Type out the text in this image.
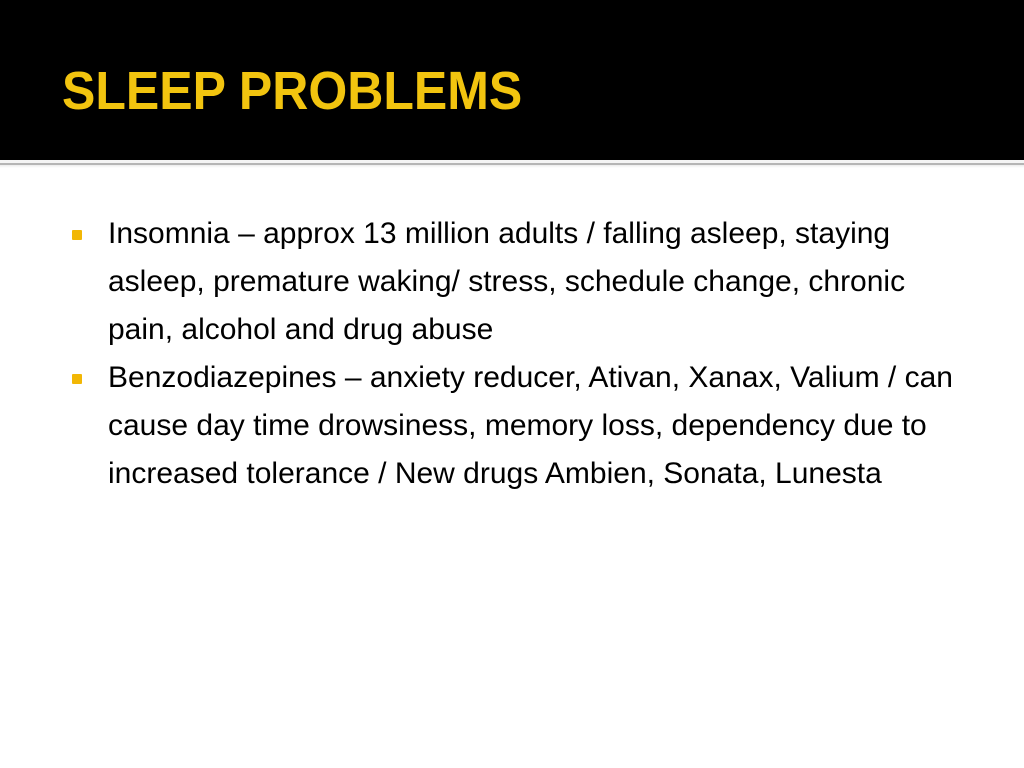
SLEEP PROBLEMS
Insomnia – approx 13 million adults / falling asleep, staying asleep, premature waking/ stress, schedule change, chronic pain, alcohol and drug abuse
Benzodiazepines – anxiety reducer, Ativan, Xanax, Valium / can cause day time drowsiness, memory loss, dependency due to increased tolerance / New drugs Ambien, Sonata, Lunesta
